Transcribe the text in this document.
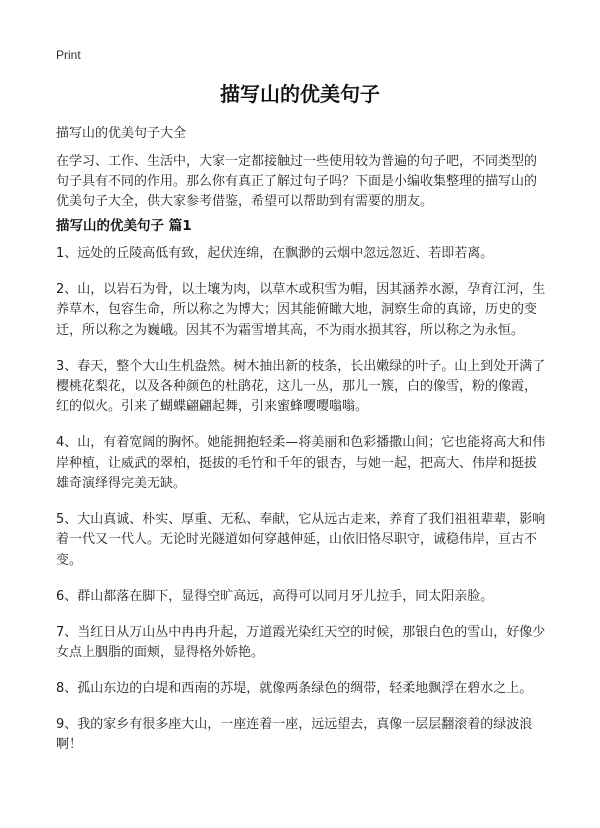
Print
描写山的优美句子

描写山的优美句子大全

在学习、工作、生活中，大家一定都接触过一些使用较为普遍的句子吧，不同类型的句子具有不同的作用。那么你有真正了解过句子吗？下面是小编收集整理的描写山的优美句子大全，供大家参考借鉴，希望可以帮助到有需要的朋友。

描写山的优美句子 篇1
1、远处的丘陵高低有致，起伏连绵，在飘渺的云烟中忽远忽近、若即若离。
2、山，以岩石为骨，以土壤为肉，以草木或积雪为帽，因其涵养水源，孕育江河，生养草木，包容生命，所以称之为博大；因其能俯瞰大地，洞察生命的真谛，历史的变迁，所以称之为巍峨。因其不为霜雪增其高，不为雨水损其容，所以称之为永恒。
3、春天，整个大山生机盎然。树木抽出新的枝条，长出嫩绿的叶子。山上到处开满了樱桃花梨花，以及各种颜色的杜鹃花，这儿一丛，那儿一簇，白的像雪，粉的像霞，红的似火。引来了蝴蝶翩翩起舞，引来蜜蜂嘤嘤嗡嗡。
4、山，有着宽阔的胸怀。她能拥抱轻柔—将美丽和色彩播撒山间；它也能将高大和伟岸种植，让威武的翠柏，挺拔的毛竹和千年的银杏，与她一起，把高大、伟岸和挺拔雄奇演绎得完美无缺。
5、大山真诚、朴实、厚重、无私、奉献，它从远古走来，养育了我们祖祖辈辈，影响着一代又一代人。无论时光隧道如何穿越伸延，山依旧恪尽职守，诚稳伟岸，亘古不变。
6、群山都落在脚下，显得空旷高远，高得可以同月牙儿拉手，同太阳亲脸。
7、当红日从万山丛中冉冉升起，万道霞光染红天空的时候，那银白色的雪山，好像少女点上胭脂的面颊，显得格外娇艳。
8、孤山东边的白堤和西南的苏堤，就像两条绿色的绸带，轻柔地飘浮在碧水之上。
9、我的家乡有很多座大山，一座连着一座，远远望去，真像一层层翻滚着的绿波浪啊！
